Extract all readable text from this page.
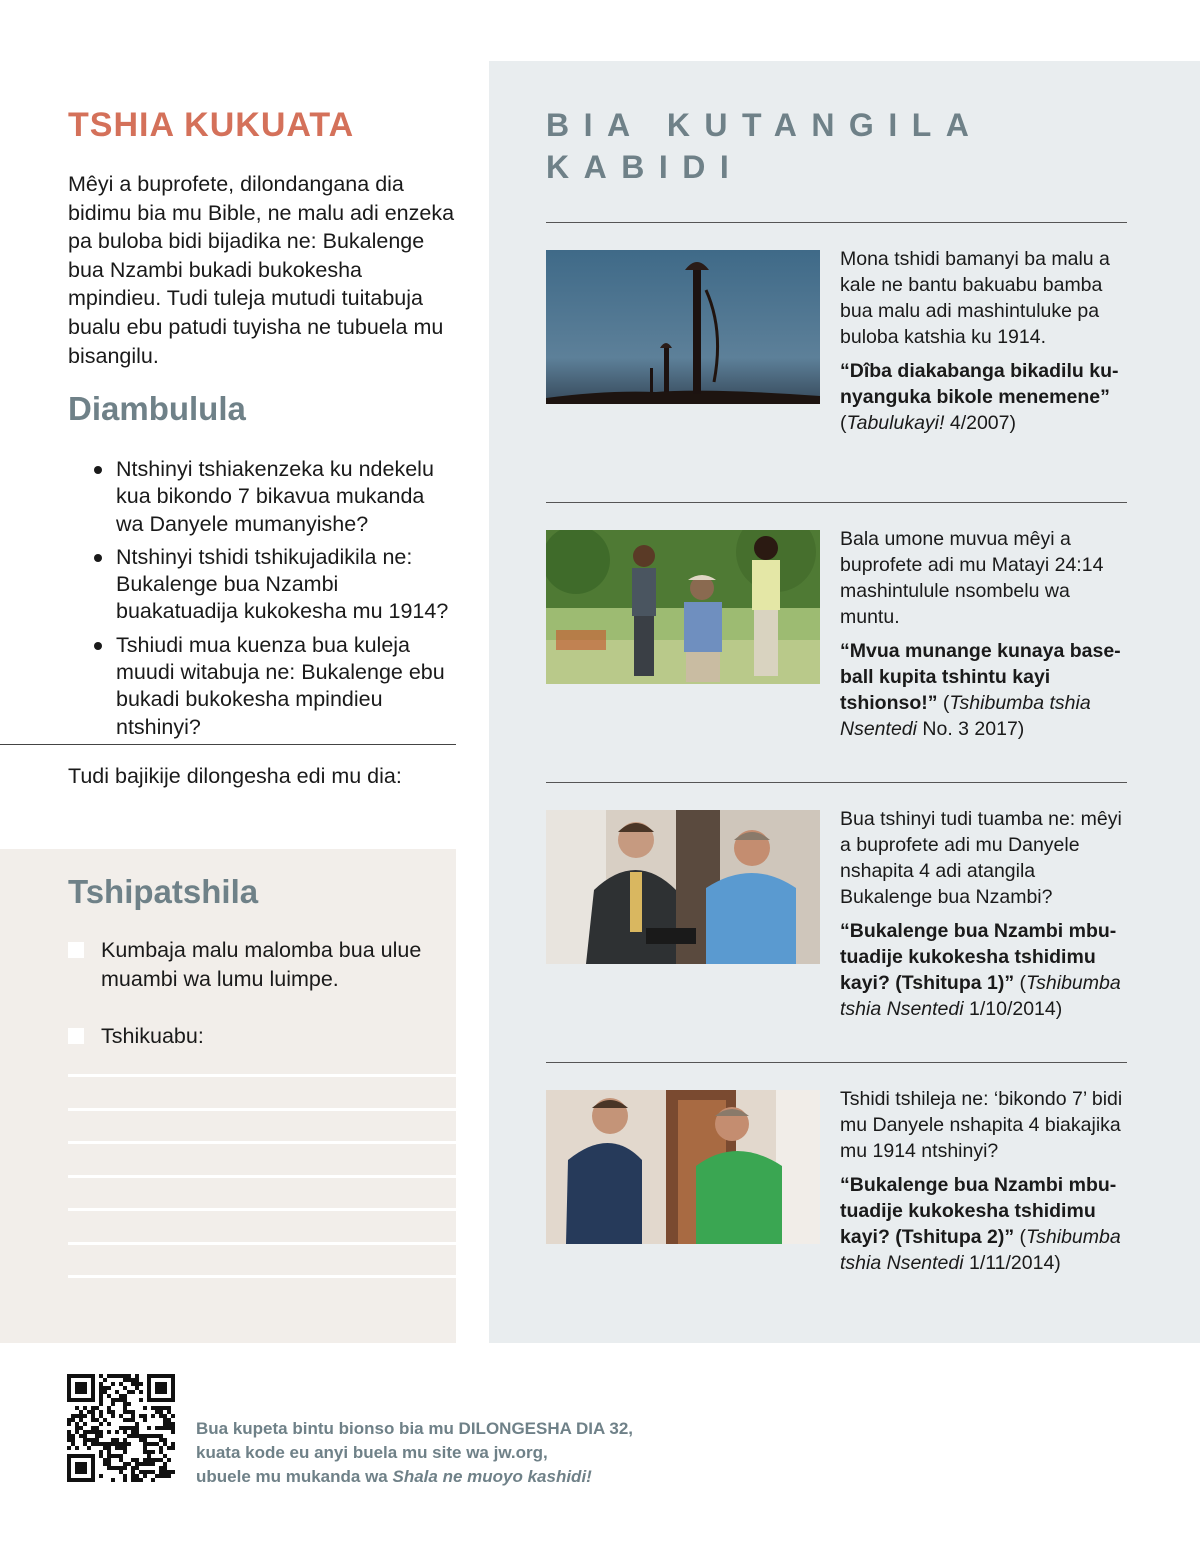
TSHIA KUKUATA

Mêyi a buprofete, dilondangana dia bidimu bia mu Bible, ne malu adi enzeka pa buloba bidi bijadika ne: Bukalenge bua Nzambi bukadi bukokesha mpindieu. Tudi tuleja mutudi tuitabuja bualu ebu patudi tuyisha ne tubuela mu bisangilu.

Diambulula
Ntshinyi tshiakenzeka ku ndekelu kua bikondo 7 bikavua mukanda wa Danyele mumanyishe?
Ntshinyi tshidi tshikujadikila ne: Bukalenge bua Nzambi buakatuadija kukokesha mu 1914?
Tshiudi mua kuenza bua kuleja muudi witabuja ne: Bukalenge ebu bukadi bukokesha mpindieu ntshinyi?

Tudi bajikije dilongesha edi mu dia:

Tshipatshila
Kumbaja malu malomba bua ulue muambi wa lumu luimpe.
Tshikuabu:
BIA KUTANGILA KABIDI

Mona tshidi bamanyi ba malu a kale ne bantu bakuabu bamba bua malu adi mashintuluke pa buloba katshia ku 1914.

“Dîba diakabanga bikadilu kunyanguka bikole menemene” (Tabulukayi! 4/2007)

Bala umone muvua mêyi a buprofete adi mu Matayi 24:14 mashintulule nsombelu wa muntu.

“Mvua munange kunaya base-ball kupita tshintu kayi tshionso!” (Tshibumba tshia Nsentedi No. 3 2017)

Bua tshinyi tudi tuamba ne: mêyi a buprofete adi mu Danyele nshapita 4 adi atangila Bukalenge bua Nzambi?

“Bukalenge bua Nzambi mbutuadije kukokesha tshidimu kayi? (Tshitupa 1)” (Tshibumba tshia Nsentedi 1/10/2014)

Tshidi tshileja ne: ‘bikondo 7’ bidi mu Danyele nshapita 4 biakajika mu 1914 ntshinyi?

“Bukalenge bua Nzambi mbutuadije kukokesha tshidimu kayi? (Tshitupa 2)” (Tshibumba tshia Nsentedi 1/11/2014)

Bua kupeta bintu bionso bia mu DILONGESHA DIA 32,
kuata kode eu anyi buela mu site wa jw.org,
ubuele mu mukanda wa Shala ne muoyo kashidi!
